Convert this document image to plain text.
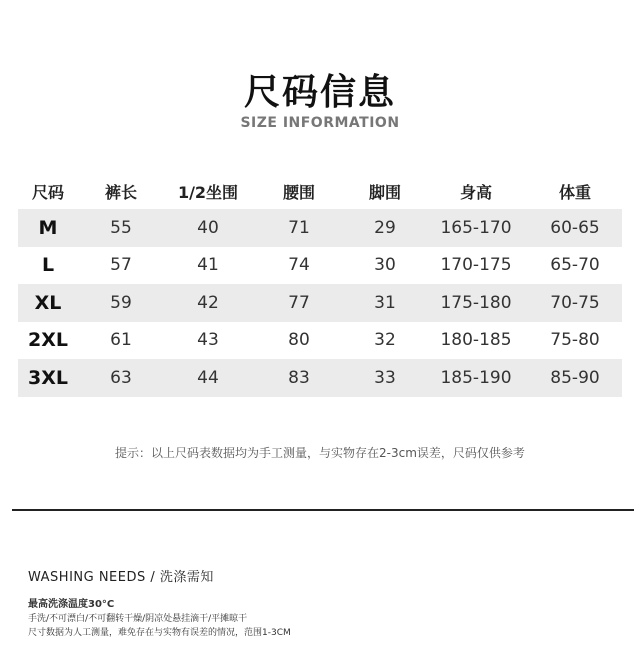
尺码信息
SIZE INFORMATION
尺码	裤长	1/2坐围	腰围	脚围	身高	体重
M	55	40	71	29	165-170	60-65
L	57	41	74	30	170-175	65-70
XL	59	42	77	31	175-180	70-75
2XL	61	43	80	32	180-185	75-80
3XL	63	44	83	33	185-190	85-90
提示：以上尺码表数据均为手工测量，与实物存在2-3cm误差，尺码仅供参考
WASHING NEEDS / 洗涤需知
最高洗涤温度30°C
手洗/不可漂白/不可翻转干燥/阴凉处悬挂滴干/平摊晾干
尺寸数据为人工测量，难免存在与实物有误差的情况，范围1-3CM
